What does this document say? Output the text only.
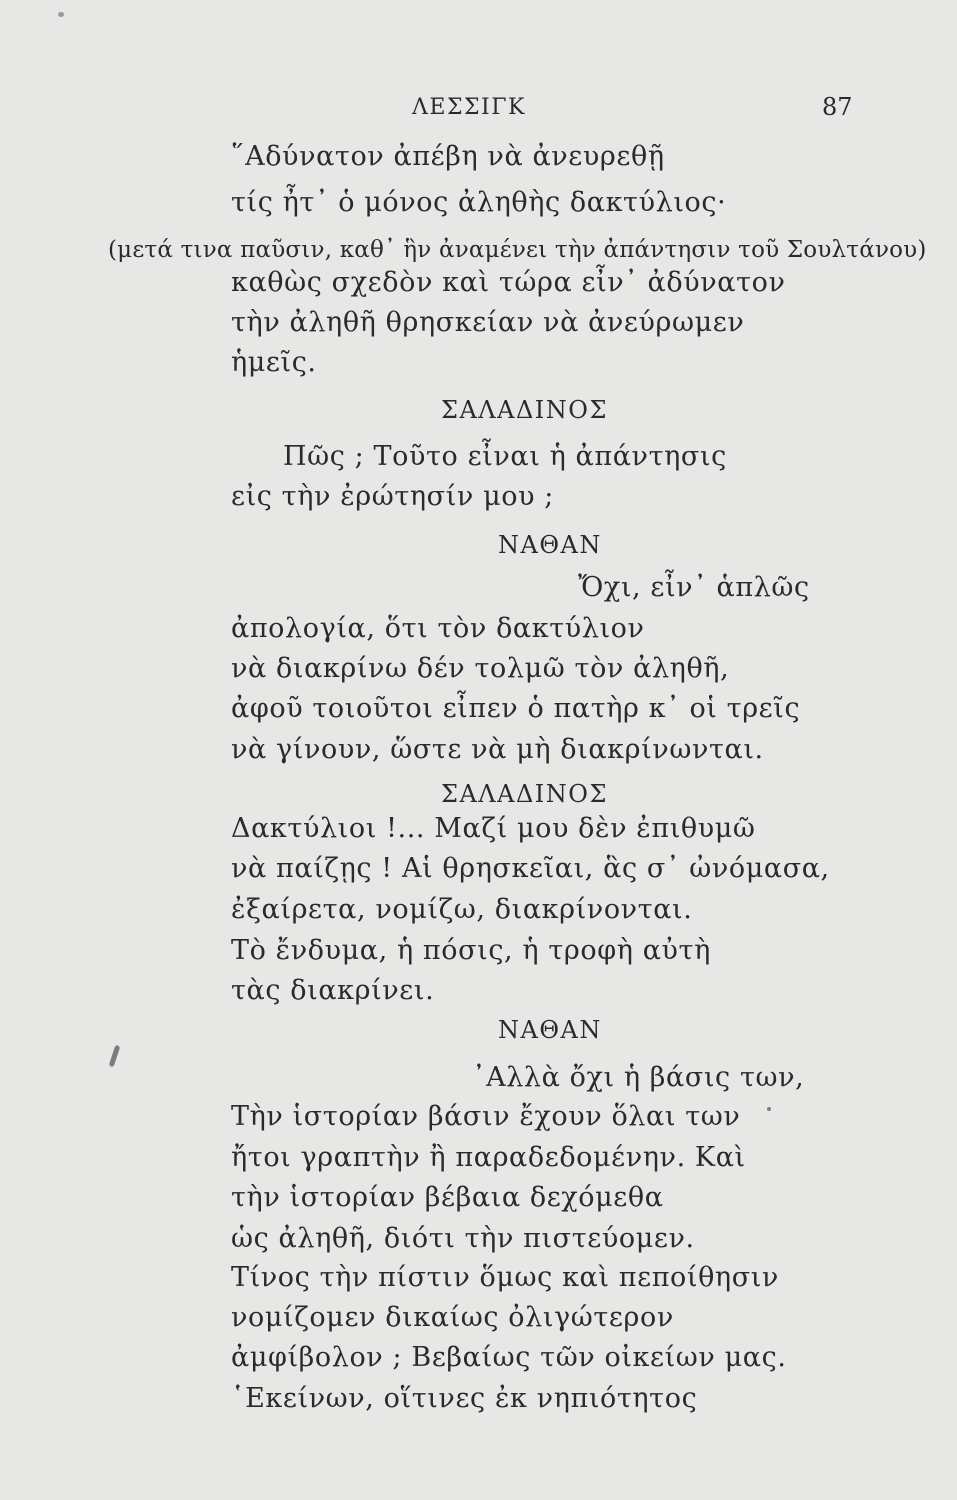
ΛΕΣΣΙΓΚ	87
῞Αδύνατον ἀπέβη νὰ ἀνευρεθῇ
τίς ἦτ᾽ ὁ μόνος ἀληθὴς δακτύλιος·
(μετά τινα παῦσιν, καθ᾽ ἣν ἀναμένει τὴν ἀπάντησιν τοῦ Σουλτάνου)
καθὼς σχεδὸν καὶ τώρα εἶν᾽ ἀδύνατον
τὴν ἀληθῆ θρησκείαν νὰ ἀνεύρωμεν
ἡμεῖς.
ΣΑΛΑΔΙΝΟΣ
Πῶς ; Τοῦτο εἶναι ἡ ἀπάντησις
εἰς τὴν ἐρώτησίν μου ;
ΝΑΘΑΝ
Ὄχι, εἶν᾽ ἁπλῶς
ἀπολογία, ὅτι τὸν δακτύλιον
νὰ διακρίνω δέν τολμῶ τὸν ἀληθῆ,
ἀφοῦ τοιοῦτοι εἶπεν ὁ πατὴρ κ᾽ οἱ τρεῖς
νὰ γίνουν, ὥστε νὰ μὴ διακρίνωνται.
ΣΑΛΑΔΙΝΟΣ
Δακτύλιοι !... Μαζί μου δὲν ἐπιθυμῶ
νὰ παίζῃς ! Αἱ θρησκεῖαι, ἃς σ᾽ ὠνόμασα,
ἐξαίρετα, νομίζω, διακρίνονται.
Τὸ ἔνδυμα, ἡ πόσις, ἡ τροφὴ αὐτὴ
τὰς διακρίνει.
ΝΑΘΑΝ
᾽Αλλὰ ὄχι ἡ βάσις των,
Τὴν ἱστορίαν βάσιν ἔχουν ὅλαι των
ἤτοι γραπτὴν ἢ παραδεδομένην. Καὶ
τὴν ἱστορίαν βέβαια δεχόμεθα
ὡς ἀληθῆ, διότι τὴν πιστεύομεν.
Τίνος τὴν πίστιν ὅμως καὶ πεποίθησιν
νομίζομεν δικαίως ὀλιγώτερον
ἀμφίβολον ; Βεβαίως τῶν οἰκείων μας.
῾Εκείνων, οἵτινες ἐκ νηπιότητος
